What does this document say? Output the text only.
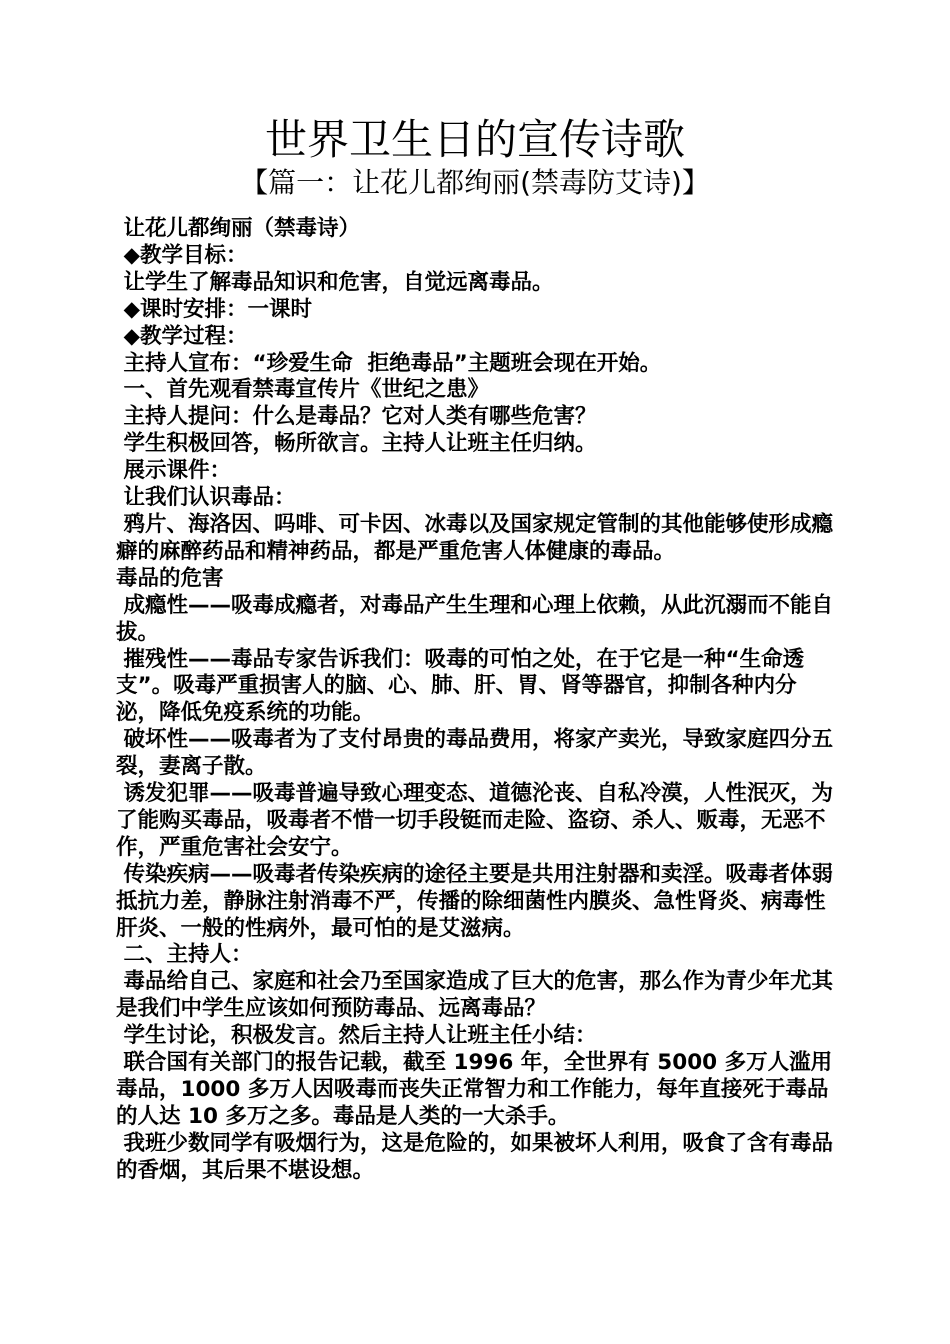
世界卫生日的宣传诗歌
【篇一：让花儿都绚丽(禁毒防艾诗)】

让花儿都绚丽（禁毒诗）

◆教学目标：

让学生了解毒品知识和危害，自觉远离毒品。

◆课时安排：一课时

◆教学过程：

主持人宣布：“珍爱生命  拒绝毒品”主题班会现在开始。

一、首先观看禁毒宣传片《世纪之患》

主持人提问：什么是毒品？它对人类有哪些危害？

学生积极回答，畅所欲言。主持人让班主任归纳。

展示课件：

让我们认识毒品：

鸦片、海洛因、吗啡、可卡因、冰毒以及国家规定管制的其他能够使形成瘾癖的麻醉药品和精神药品，都是严重危害人体健康的毒品。

毒品的危害

成瘾性——吸毒成瘾者，对毒品产生生理和心理上依赖，从此沉溺而不能自拔。

摧残性——毒品专家告诉我们：吸毒的可怕之处，在于它是一种“生命透支”。吸毒严重损害人的脑、心、肺、肝、胃、肾等器官，抑制各种内分泌，降低免疫系统的功能。

破坏性——吸毒者为了支付昂贵的毒品费用，将家产卖光，导致家庭四分五裂，妻离子散。

诱发犯罪——吸毒普遍导致心理变态、道德沦丧、自私冷漠，人性泯灭，为了能购买毒品，吸毒者不惜一切手段铤而走险、盗窃、杀人、贩毒，无恶不作，严重危害社会安宁。

传染疾病——吸毒者传染疾病的途径主要是共用注射器和卖淫。吸毒者体弱抵抗力差，静脉注射消毒不严，传播的除细菌性内膜炎、急性肾炎、病毒性肝炎、一般的性病外，最可怕的是艾滋病。

二、主持人：

毒品给自己、家庭和社会乃至国家造成了巨大的危害，那么作为青少年尤其是我们中学生应该如何预防毒品、远离毒品？

学生讨论，积极发言。然后主持人让班主任小结：

联合国有关部门的报告记载，截至 1996 年，全世界有 5000 多万人滥用毒品，1000 多万人因吸毒而丧失正常智力和工作能力，每年直接死于毒品的人达 10 多万之多。毒品是人类的一大杀手。

我班少数同学有吸烟行为，这是危险的，如果被坏人利用，吸食了含有毒品的香烟，其后果不堪设想。
